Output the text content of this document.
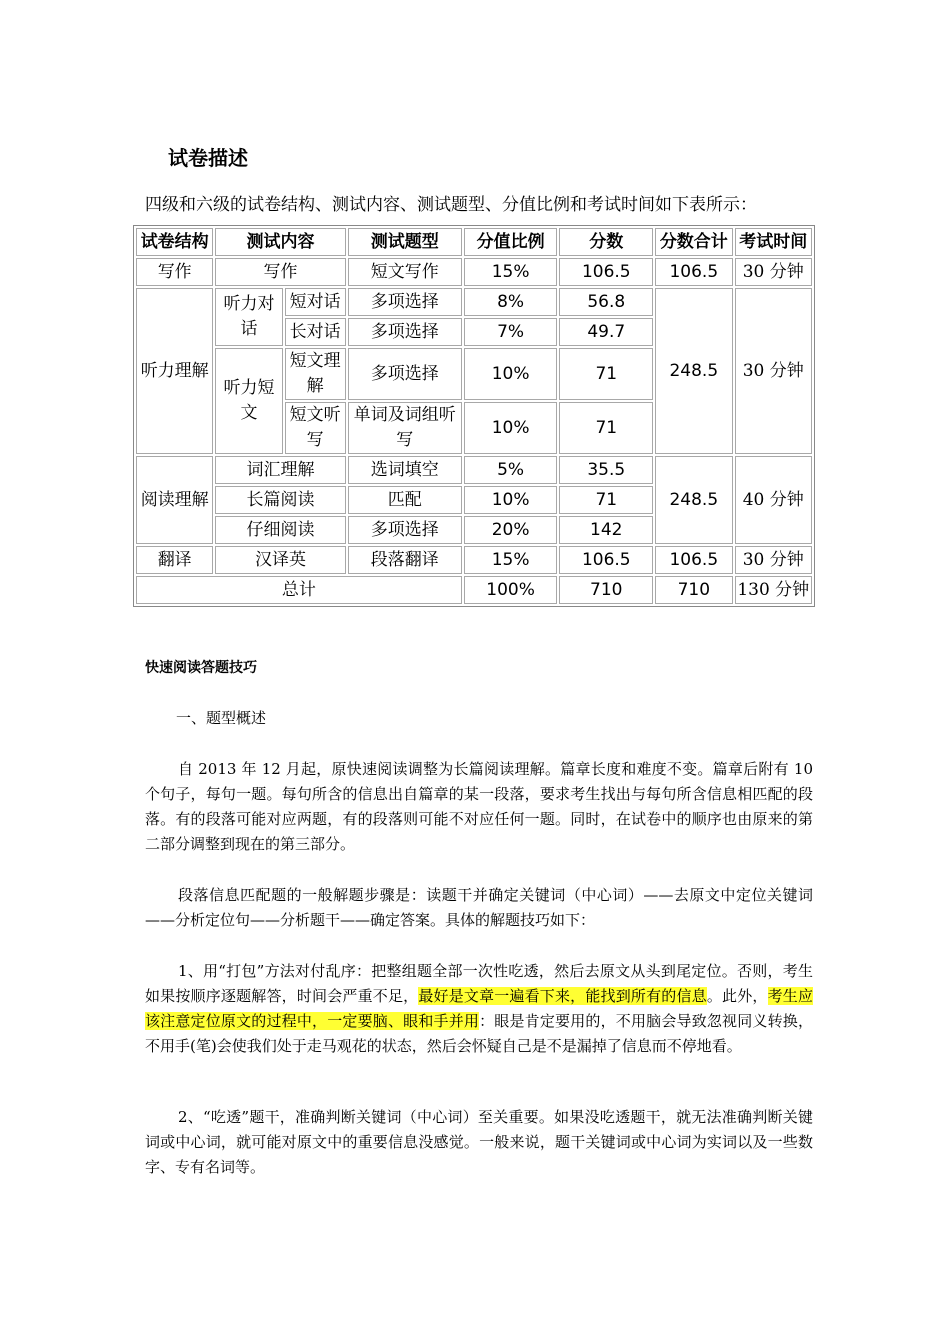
试卷描述

四级和六级的试卷结构、测试内容、测试题型、分值比例和考试时间如下表所示：

试卷结构	测试内容		测试题型	分值比例	分数	分数合计	考试时间
写作	写作		短文写作	15%	106.5	106.5	30 分钟
听力理解	听力对话	短对话	多项选择	8%	56.8	248.5	30 分钟
		长对话	多项选择	7%	49.7		
	听力短文	短文理解	多项选择	10%	71		
		短文听写	单词及词组听写	10%	71		
阅读理解	词汇理解		选词填空	5%	35.5	248.5	40 分钟
	长篇阅读		匹配	10%	71		
	仔细阅读		多项选择	20%	142		
翻译	汉译英		段落翻译	15%	106.5	106.5	30 分钟
总计				100%	710	710	130 分钟
快速阅读答题技巧

一、题型概述

自 2013 年 12 月起，原快速阅读调整为长篇阅读理解。篇章长度和难度不变。篇章后附有 10 个句子，每句一题。每句所含的信息出自篇章的某一段落，要求考生找出与每句所含信息相匹配的段落。有的段落可能对应两题，有的段落则可能不对应任何一题。同时，在试卷中的顺序也由原来的第二部分调整到现在的第三部分。

段落信息匹配题的一般解题步骤是：读题干并确定关键词（中心词）——去原文中定位关键词——分析定位句——分析题干——确定答案。具体的解题技巧如下：

1、用“打包”方法对付乱序：把整组题全部一次性吃透，然后去原文从头到尾定位。否则，考生如果按顺序逐题解答，时间会严重不足，最好是文章一遍看下来，能找到所有的信息。此外，考生应该注意定位原文的过程中，一定要脑、眼和手并用：眼是肯定要用的，不用脑会导致忽视同义转换，不用手(笔)会使我们处于走马观花的状态，然后会怀疑自己是不是漏掉了信息而不停地看。

2、“吃透”题干，准确判断关键词（中心词）至关重要。如果没吃透题干，就无法准确判断关键词或中心词，就可能对原文中的重要信息没感觉。一般来说，题干关键词或中心词为实词以及一些数字、专有名词等。
